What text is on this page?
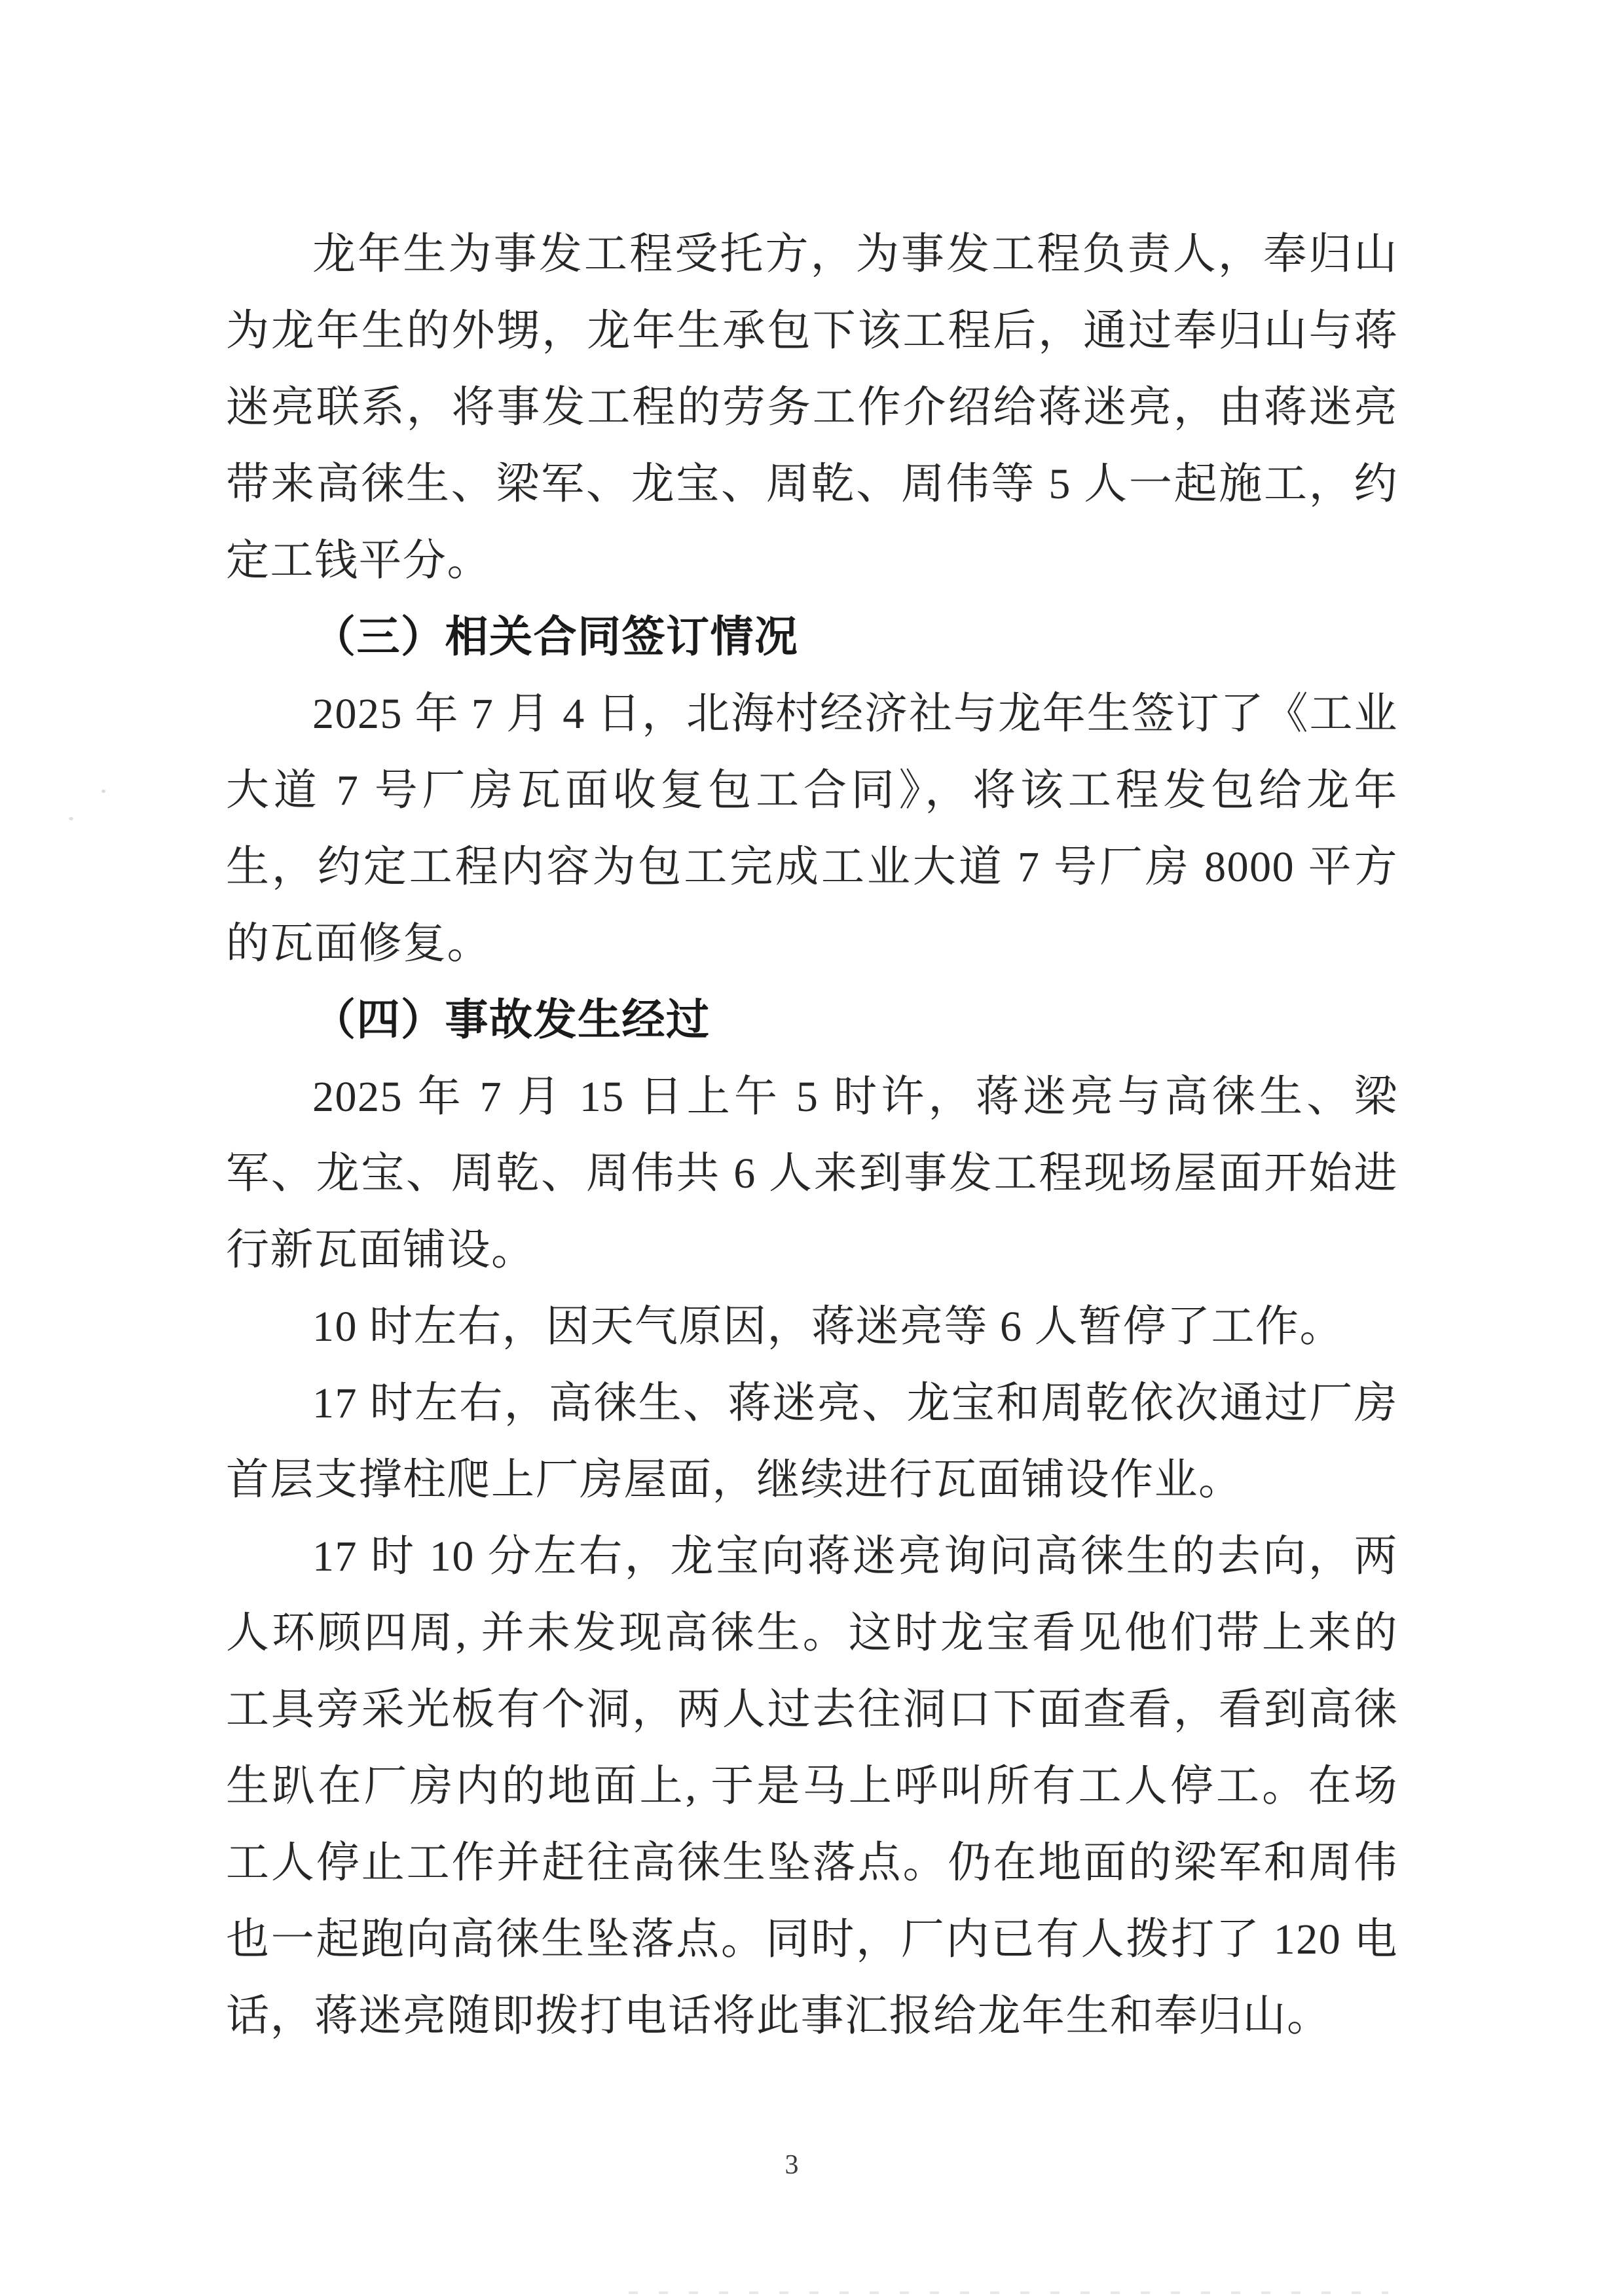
龙年生为事发工程受托方，为事发工程负责人，奉归山为龙年生的外甥，龙年生承包下该工程后，通过奉归山与蒋迷亮联系，将事发工程的劳务工作介绍给蒋迷亮，由蒋迷亮带来高徕生、梁军、龙宝、周乾、周伟等 5 人一起施工，约定工钱平分。

（三）相关合同签订情况

2025 年 7 月 4 日，北海村经济社与龙年生签订了《工业大道 7 号厂房瓦面收复包工合同》，将该工程发包给龙年生，约定工程内容为包工完成工业大道 7 号厂房 8000 平方的瓦面修复。

（四）事故发生经过

2025 年 7 月 15 日上午 5 时许，蒋迷亮与高徕生、梁军、龙宝、周乾、周伟共 6 人来到事发工程现场屋面开始进行新瓦面铺设。

10 时左右，因天气原因，蒋迷亮等 6 人暂停了工作。

17 时左右，高徕生、蒋迷亮、龙宝和周乾依次通过厂房首层支撑柱爬上厂房屋面，继续进行瓦面铺设作业。

17 时 10 分左右，龙宝向蒋迷亮询问高徕生的去向，两人环顾四周, 并未发现高徕生。这时龙宝看见他们带上来的工具旁采光板有个洞，两人过去往洞口下面查看，看到高徕生趴在厂房内的地面上, 于是马上呼叫所有工人停工。在场工人停止工作并赶往高徕生坠落点。仍在地面的梁军和周伟也一起跑向高徕生坠落点。同时，厂内已有人拨打了 120 电话，蒋迷亮随即拨打电话将此事汇报给龙年生和奉归山。

3
